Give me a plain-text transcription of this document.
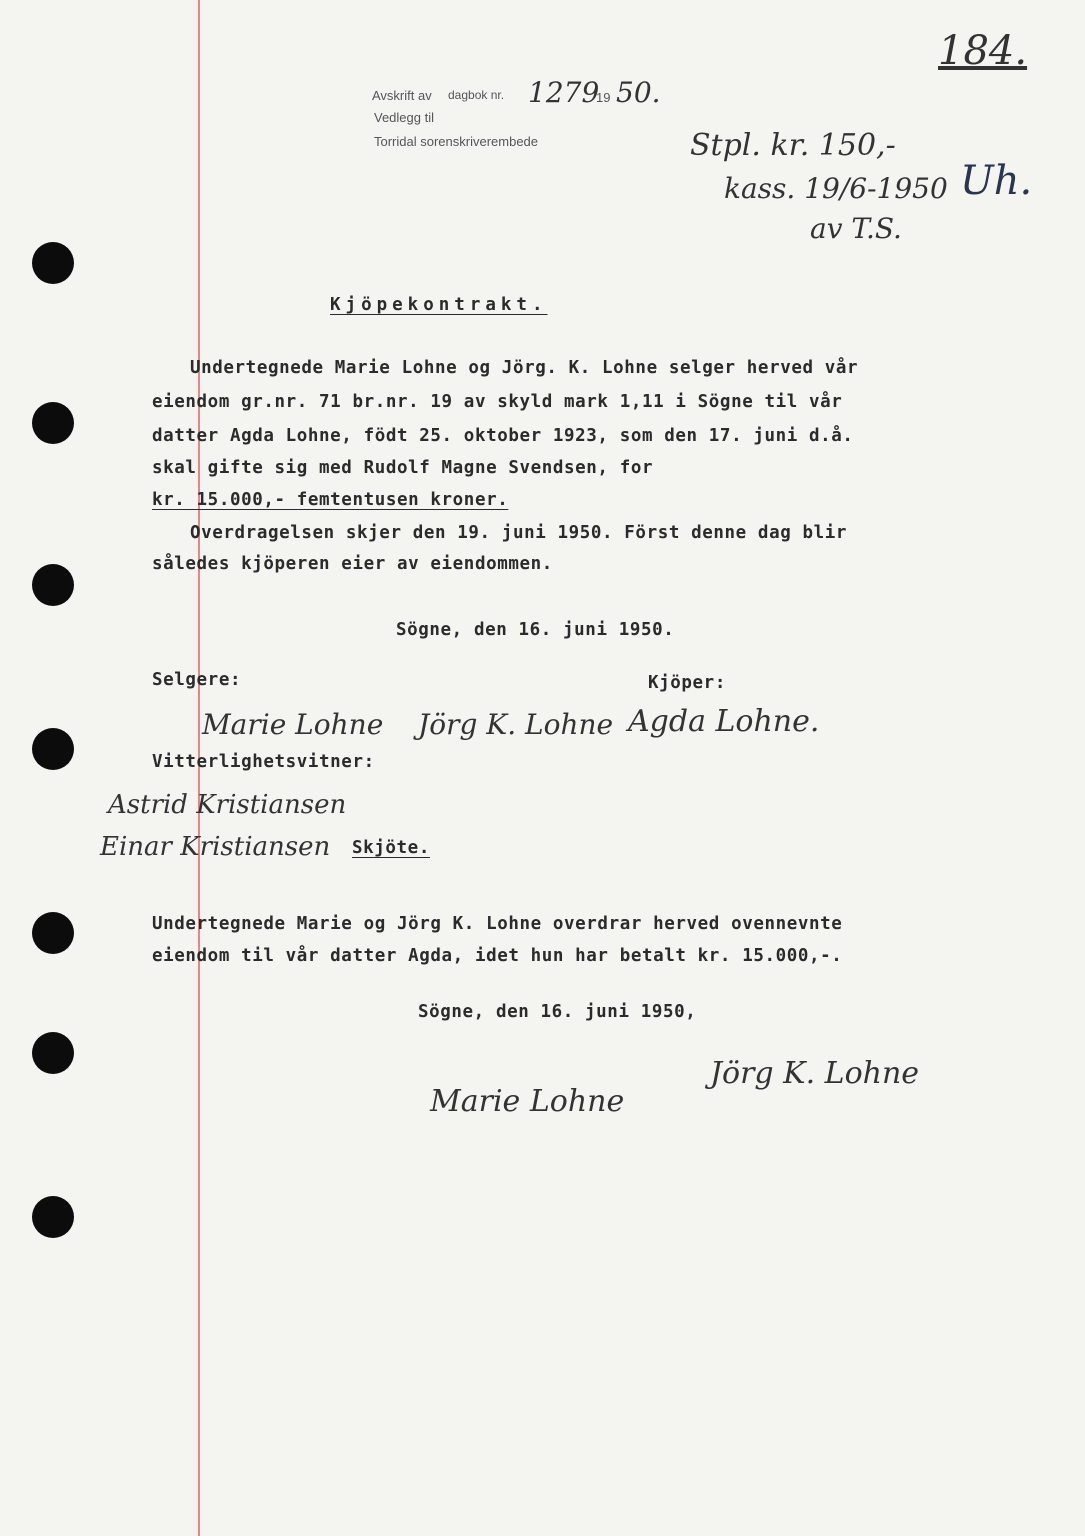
Avskrift av dagbok nr. 1279
19 50.
Vedlegg til
Torridal sorenskriverembede
184.
Stpl. kr. 150,-
kass. 19/6-1950
av T.S.
Uh.
Kjöpekontrakt.
Undertegnede Marie Lohne og Jörg. K. Lohne selger herved vår
eiendom gr.nr. 71 br.nr. 19 av skyld mark 1,11 i Sögne til vår
datter Agda Lohne, födt 25. oktober 1923, som den 17. juni d.å.
skal gifte sig med Rudolf Magne Svendsen, for
kr. 15.000,- femtentusen kroner.
Overdragelsen skjer den 19. juni 1950. Först denne dag blir
således kjöperen eier av eiendommen.
Sögne, den 16. juni 1950.
Selgere:	Kjöper:
Marie Lohne Jörg K. Lohne Agda Lohne.
Vitterlighetsvitner:
Astrid Kristiansen
Einar Kristiansen Skjöte.
Undertegnede Marie og Jörg K. Lohne overdrar herved ovennevnte
eiendom til vår datter Agda, idet hun har betalt kr. 15.000,-.
Sögne, den 16. juni 1950,
Marie Lohne
Jörg K. Lohne
